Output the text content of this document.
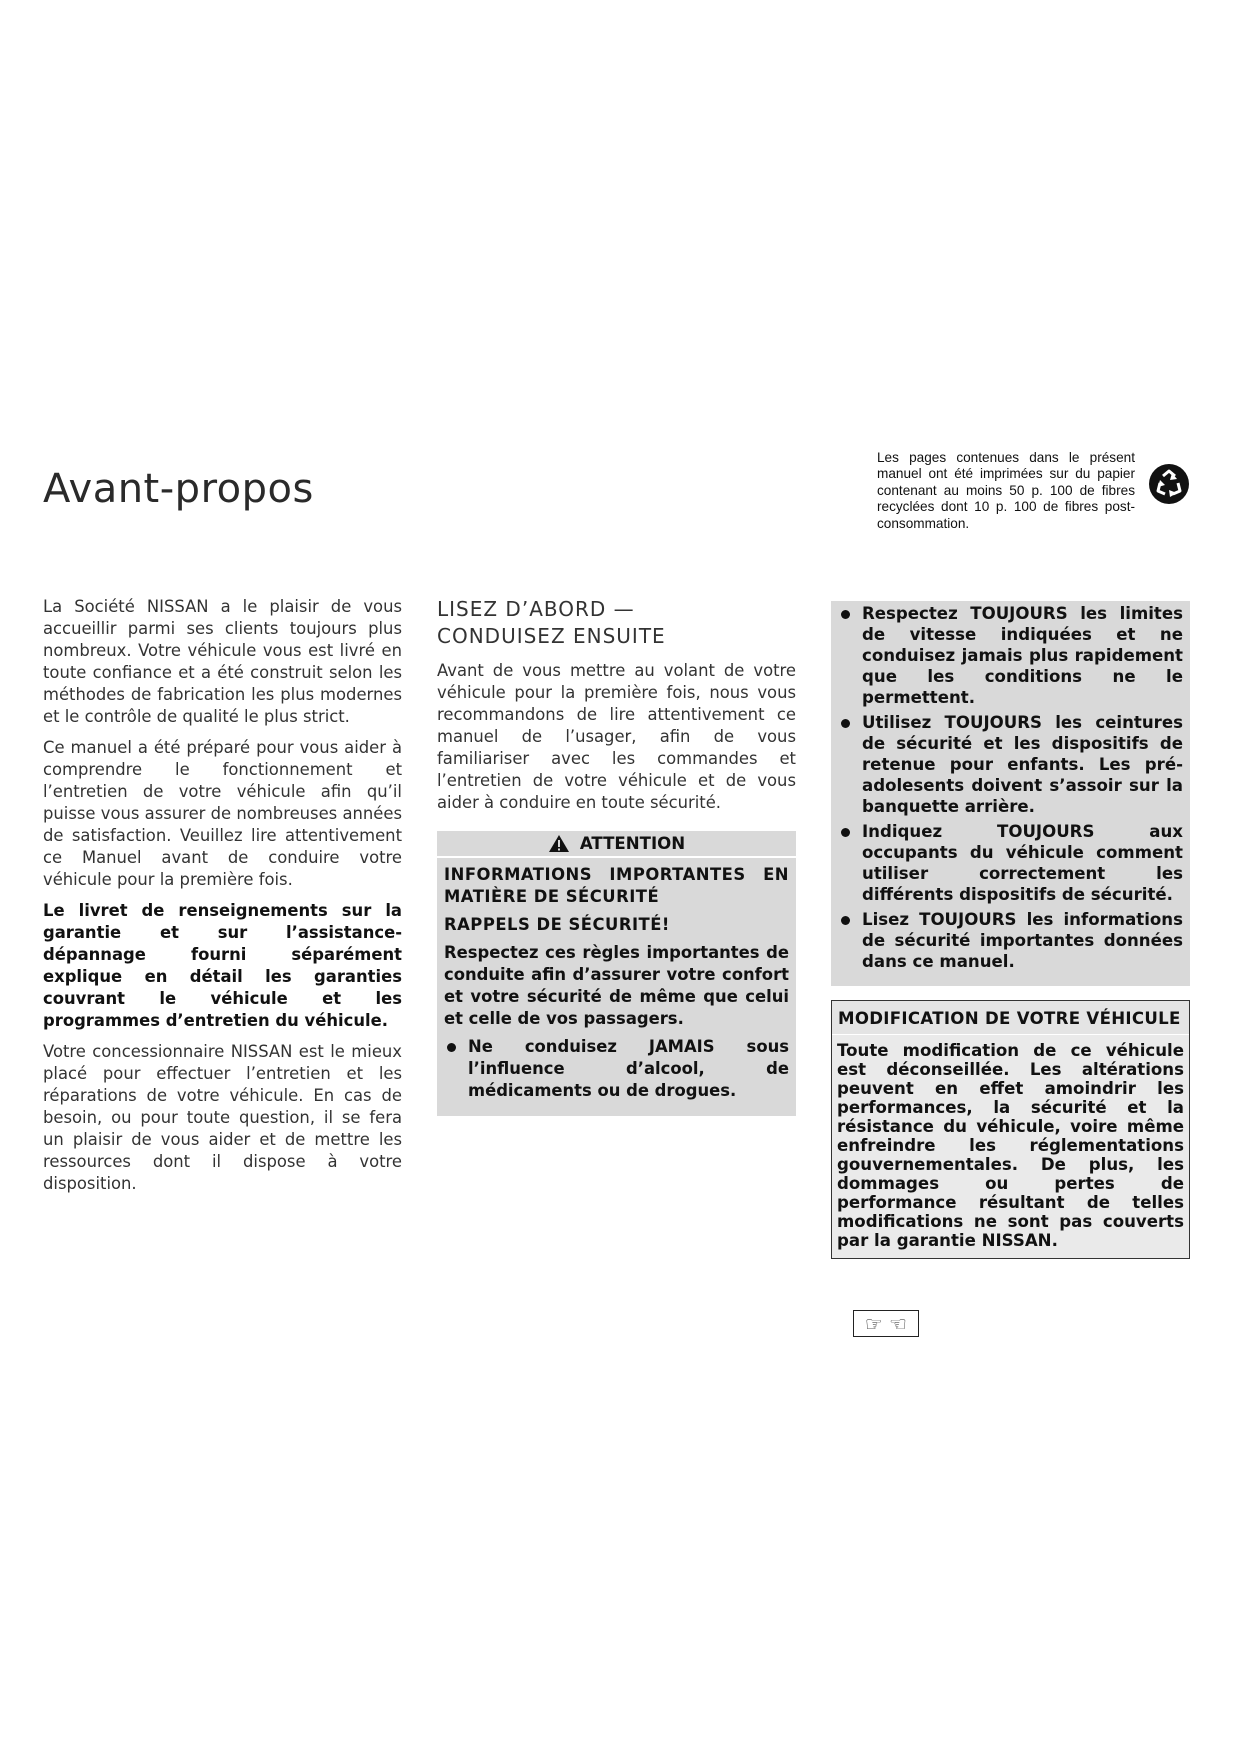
Avant-propos

Les pages contenues dans le présent manuel ont été imprimées sur du papier contenant au moins 50 p. 100 de fibres recyclées dont 10 p. 100 de fibres post-consommation.

La Société NISSAN a le plaisir de vous accueillir parmi ses clients toujours plus nombreux. Votre véhicule vous est livré en toute confiance et a été construit selon les méthodes de fabrication les plus modernes et le contrôle de qualité le plus strict.

Ce manuel a été préparé pour vous aider à comprendre le fonctionnement et l’entretien de votre véhicule afin qu’il puisse vous assurer de nombreuses années de satisfaction. Veuillez lire attentivement ce Manuel avant de conduire votre véhicule pour la première fois.

Le livret de renseignements sur la garantie et sur l’assistance-dépannage fourni séparément explique en détail les garanties couvrant le véhicule et les programmes d’entretien du véhicule.

Votre concessionnaire NISSAN est le mieux placé pour effectuer l’entretien et les réparations de votre véhicule. En cas de besoin, ou pour toute question, il se fera un plaisir de vous aider et de mettre les ressources dont il dispose à votre disposition.

LISEZ D’ABORD —
CONDUISEZ ENSUITE

Avant de vous mettre au volant de votre véhicule pour la première fois, nous vous recommandons de lire attentivement ce manuel de l’usager, afin de vous familiariser avec les commandes et l’entretien de votre véhicule et de vous aider à conduire en toute sécurité.

ATTENTION

INFORMATIONS IMPORTANTES EN MATIÈRE DE SÉCURITÉ

RAPPELS DE SÉCURITÉ!

Respectez ces règles importantes de conduite afin d’assurer votre confort et votre sécurité de même que celui et celle de vos passagers.

Ne conduisez JAMAIS sous l’influence d’alcool, de médicaments ou de drogues.
Respectez TOUJOURS les limites de vitesse indiquées et ne conduisez jamais plus rapidement que les conditions ne le permettent.
Utilisez TOUJOURS les ceintures de sécurité et les dispositifs de retenue pour enfants. Les pré-adolesents doivent s’assoir sur la banquette arrière.
Indiquez TOUJOURS aux occupants du véhicule comment utiliser correctement les différents dispositifs de sécurité.
Lisez TOUJOURS les informations de sécurité importantes données dans ce manuel.
MODIFICATION DE VOTRE VÉHICULE

Toute modification de ce véhicule est déconseillée. Les altérations peuvent en effet amoindrir les performances, la sécurité et la résistance du véhicule, voire même enfreindre les réglementations gouvernementales. De plus, les dommages ou pertes de performance résultant de telles modifications ne sont pas couverts par la garantie NISSAN.

☞ ☜
